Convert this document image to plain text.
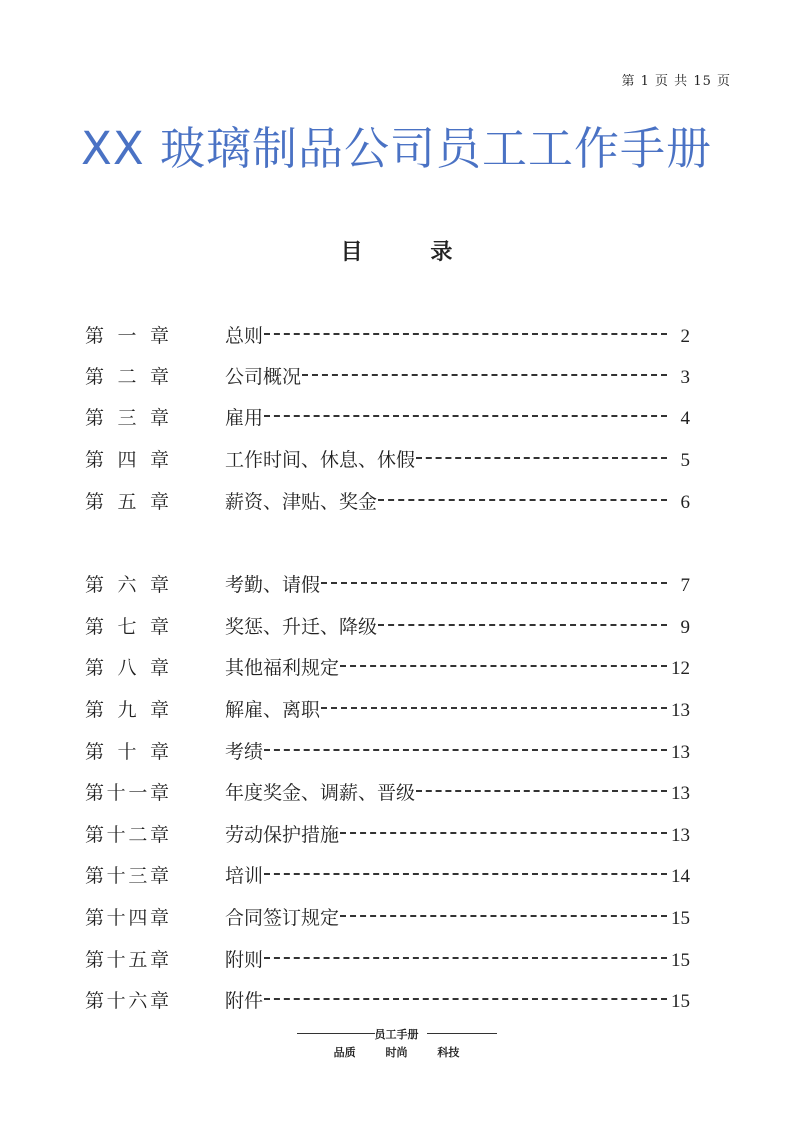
第 1 页 共 15 页
XX 玻璃制品公司员工工作手册
目 录
第一章	总则	2
第二章	公司概况	3
第三章	雇用	4
第四章	工作时间、休息、休假	5
第五章	薪资、津贴、奖金	6
第六章	考勤、请假	7
第七章	奖惩、升迁、降级	9
第八章	其他福利规定	12
第九章	解雇、离职	13
第十章	考绩	13
第十一章	年度奖金、调薪、晋级	13
第十二章	劳动保护措施	13
第十三章	培训	14
第十四章	合同签订规定	15
第十五章	附则	15
第十六章	附件	15
员工手册
品质	时尚	科技
